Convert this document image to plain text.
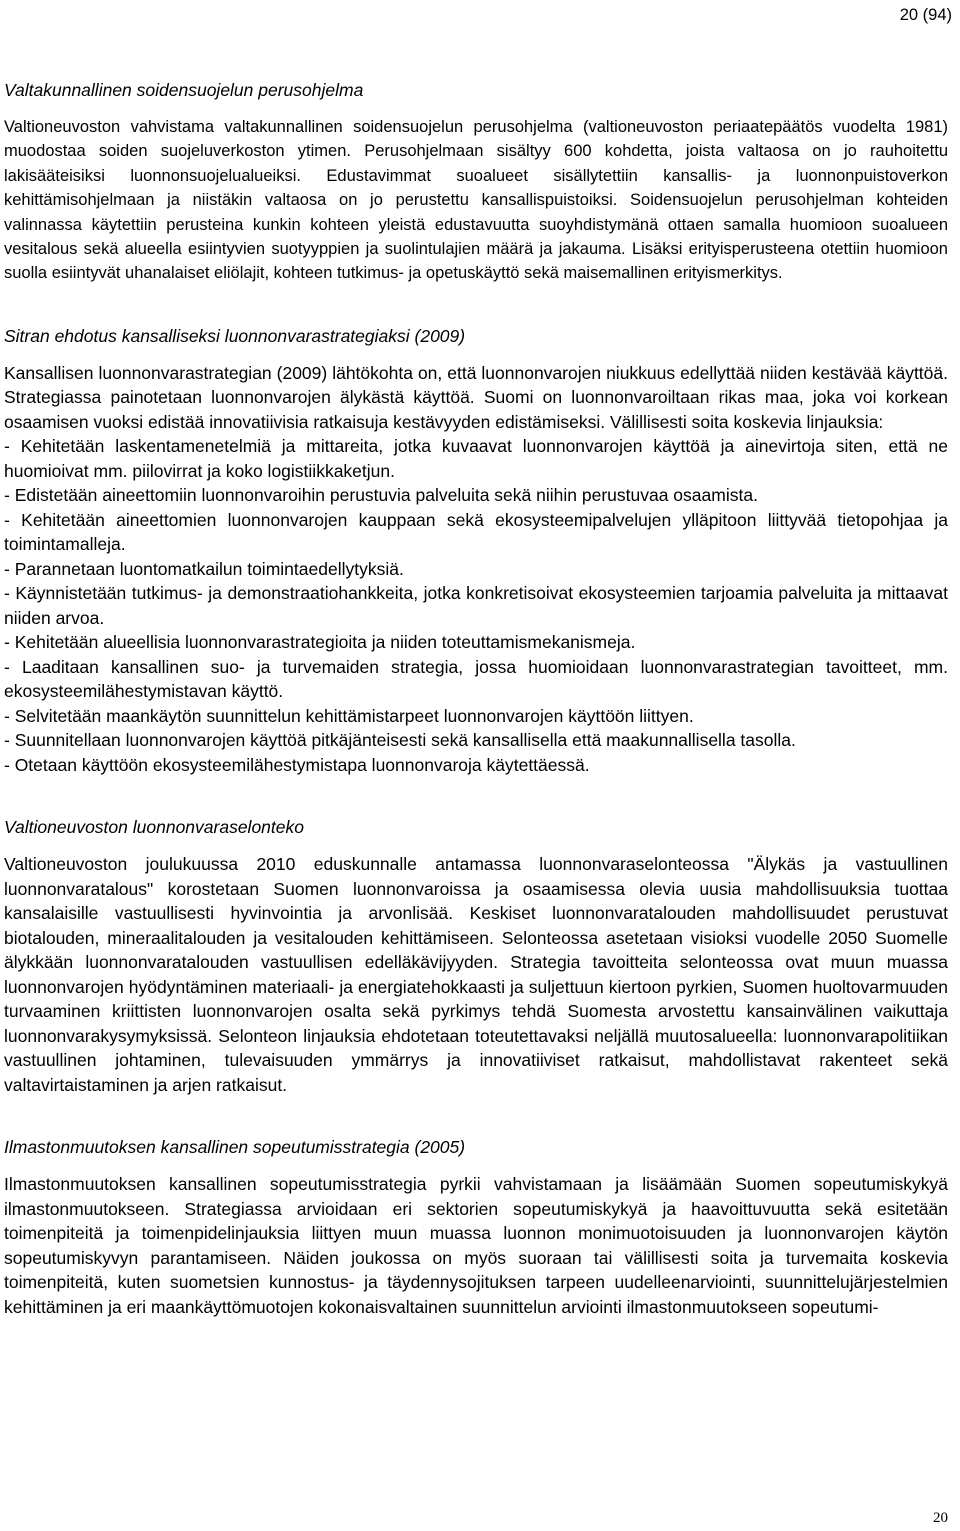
20 (94)
Valtakunnallinen soidensuojelun perusohjelma

Valtioneuvoston vahvistama valtakunnallinen soidensuojelun perusohjelma (valtioneuvoston periaatepäätös vuodelta 1981) muodostaa soiden suojeluverkoston ytimen. Perusohjelmaan sisältyy 600 kohdetta, joista valtaosa on jo rauhoitettu lakisääteisiksi luonnonsuojelualueiksi. Edustavimmat suoalueet sisällytettiin kansallis- ja luonnonpuistoverkon kehittämisohjelmaan ja niistäkin valtaosa on jo perustettu kansallispuistoiksi. Soidensuojelun perusohjelman kohteiden valinnassa käytettiin perusteina kunkin kohteen yleistä edustavuutta suoyhdistymänä ottaen samalla huomioon suoalueen vesitalous sekä alueella esiintyvien suotyyppien ja suolintulajien määrä ja jakauma. Lisäksi erityisperusteena otettiin huomioon suolla esiintyvät uhanalaiset eliölajit, kohteen tutkimus- ja opetuskäyttö sekä maisemallinen erityismerkitys.

Sitran ehdotus kansalliseksi luonnonvarastrategiaksi (2009)

Kansallisen luonnonvarastrategian (2009) lähtökohta on, että luonnonvarojen niukkuus edellyttää niiden kestävää käyttöä. Strategiassa painotetaan luonnonvarojen älykästä käyttöä. Suomi on luonnonvaroiltaan rikas maa, joka voi korkean osaamisen vuoksi edistää innovatiivisia ratkaisuja kestävyyden edistämiseksi. Välillisesti soita koskevia linjauksia:
- Kehitetään laskentamenetelmiä ja mittareita, jotka kuvaavat luonnonvarojen käyttöä ja ainevirtoja siten, että ne huomioivat mm. piilovirrat ja koko logistiikkaketjun.
- Edistetään aineettomiin luonnonvaroihin perustuvia palveluita sekä niihin perustuvaa osaamista.
- Kehitetään aineettomien luonnonvarojen kauppaan sekä ekosysteemipalvelujen ylläpitoon liittyvää tietopohjaa ja toimintamalleja.
- Parannetaan luontomatkailun toimintaedellytyksiä.
- Käynnistetään tutkimus- ja demonstraatiohankkeita, jotka konkretisoivat ekosysteemien tarjoamia palveluita ja mittaavat niiden arvoa.
- Kehitetään alueellisia luonnonvarastrategioita ja niiden toteuttamismekanismeja.
- Laaditaan kansallinen suo- ja turvemaiden strategia, jossa huomioidaan luonnonvarastrategian tavoitteet, mm. ekosysteemilähestymistavan käyttö.
- Selvitetään maankäytön suunnittelun kehittämistarpeet luonnonvarojen käyttöön liittyen.
- Suunnitellaan luonnonvarojen käyttöä pitkäjänteisesti sekä kansallisella että maakunnallisella tasolla.
- Otetaan käyttöön ekosysteemilähestymistapa luonnonvaroja käytettäessä.

Valtioneuvoston luonnonvaraselonteko

Valtioneuvoston joulukuussa 2010 eduskunnalle antamassa luonnonvaraselonteossa "Älykäs ja vastuullinen luonnonvaratalous" korostetaan Suomen luonnonvaroissa ja osaamisessa olevia uusia mahdollisuuksia tuottaa kansalaisille vastuullisesti hyvinvointia ja arvonlisää. Keskiset luonnonvaratalouden mahdollisuudet perustuvat biotalouden, mineraalitalouden ja vesitalouden kehittämiseen. Selonteossa asetetaan visioksi vuodelle 2050 Suomelle älykkään luonnonvaratalouden vastuullisen edelläkävijyyden. Strategia tavoitteita selonteossa ovat muun muassa luonnonvarojen hyödyntäminen materiaali- ja energiatehokkaasti ja suljettuun kiertoon pyrkien, Suomen huoltovarmuuden turvaaminen kriittisten luonnonvarojen osalta sekä pyrkimys tehdä Suomesta arvostettu kansainvälinen vaikuttaja luonnonvarakysymyksissä. Selonteon linjauksia ehdotetaan toteutettavaksi neljällä muutosalueella: luonnonvarapolitiikan vastuullinen johtaminen, tulevaisuuden ymmärrys ja innovatiiviset ratkaisut, mahdollistavat rakenteet sekä valtavirtaistaminen ja arjen ratkaisut.

Ilmastonmuutoksen kansallinen sopeutumisstrategia (2005)

Ilmastonmuutoksen kansallinen sopeutumisstrategia pyrkii vahvistamaan ja lisäämään Suomen sopeutumiskykyä ilmastonmuutokseen. Strategiassa arvioidaan eri sektorien sopeutumiskykyä ja haavoittuvuutta sekä esitetään toimenpiteitä ja toimenpidelinjauksia liittyen muun muassa luonnon monimuotoisuuden ja luonnonvarojen käytön sopeutumiskyvyn parantamiseen. Näiden joukossa on myös suoraan tai välillisesti soita ja turvemaita koskevia toimenpiteitä, kuten suometsien kunnostus- ja täydennysojituksen tarpeen uudelleenarviointi, suunnittelujärjestelmien kehittäminen ja eri maankäyttömuotojen kokonaisvaltainen suunnittelun arviointi ilmastonmuutokseen sopeutumi-

20
